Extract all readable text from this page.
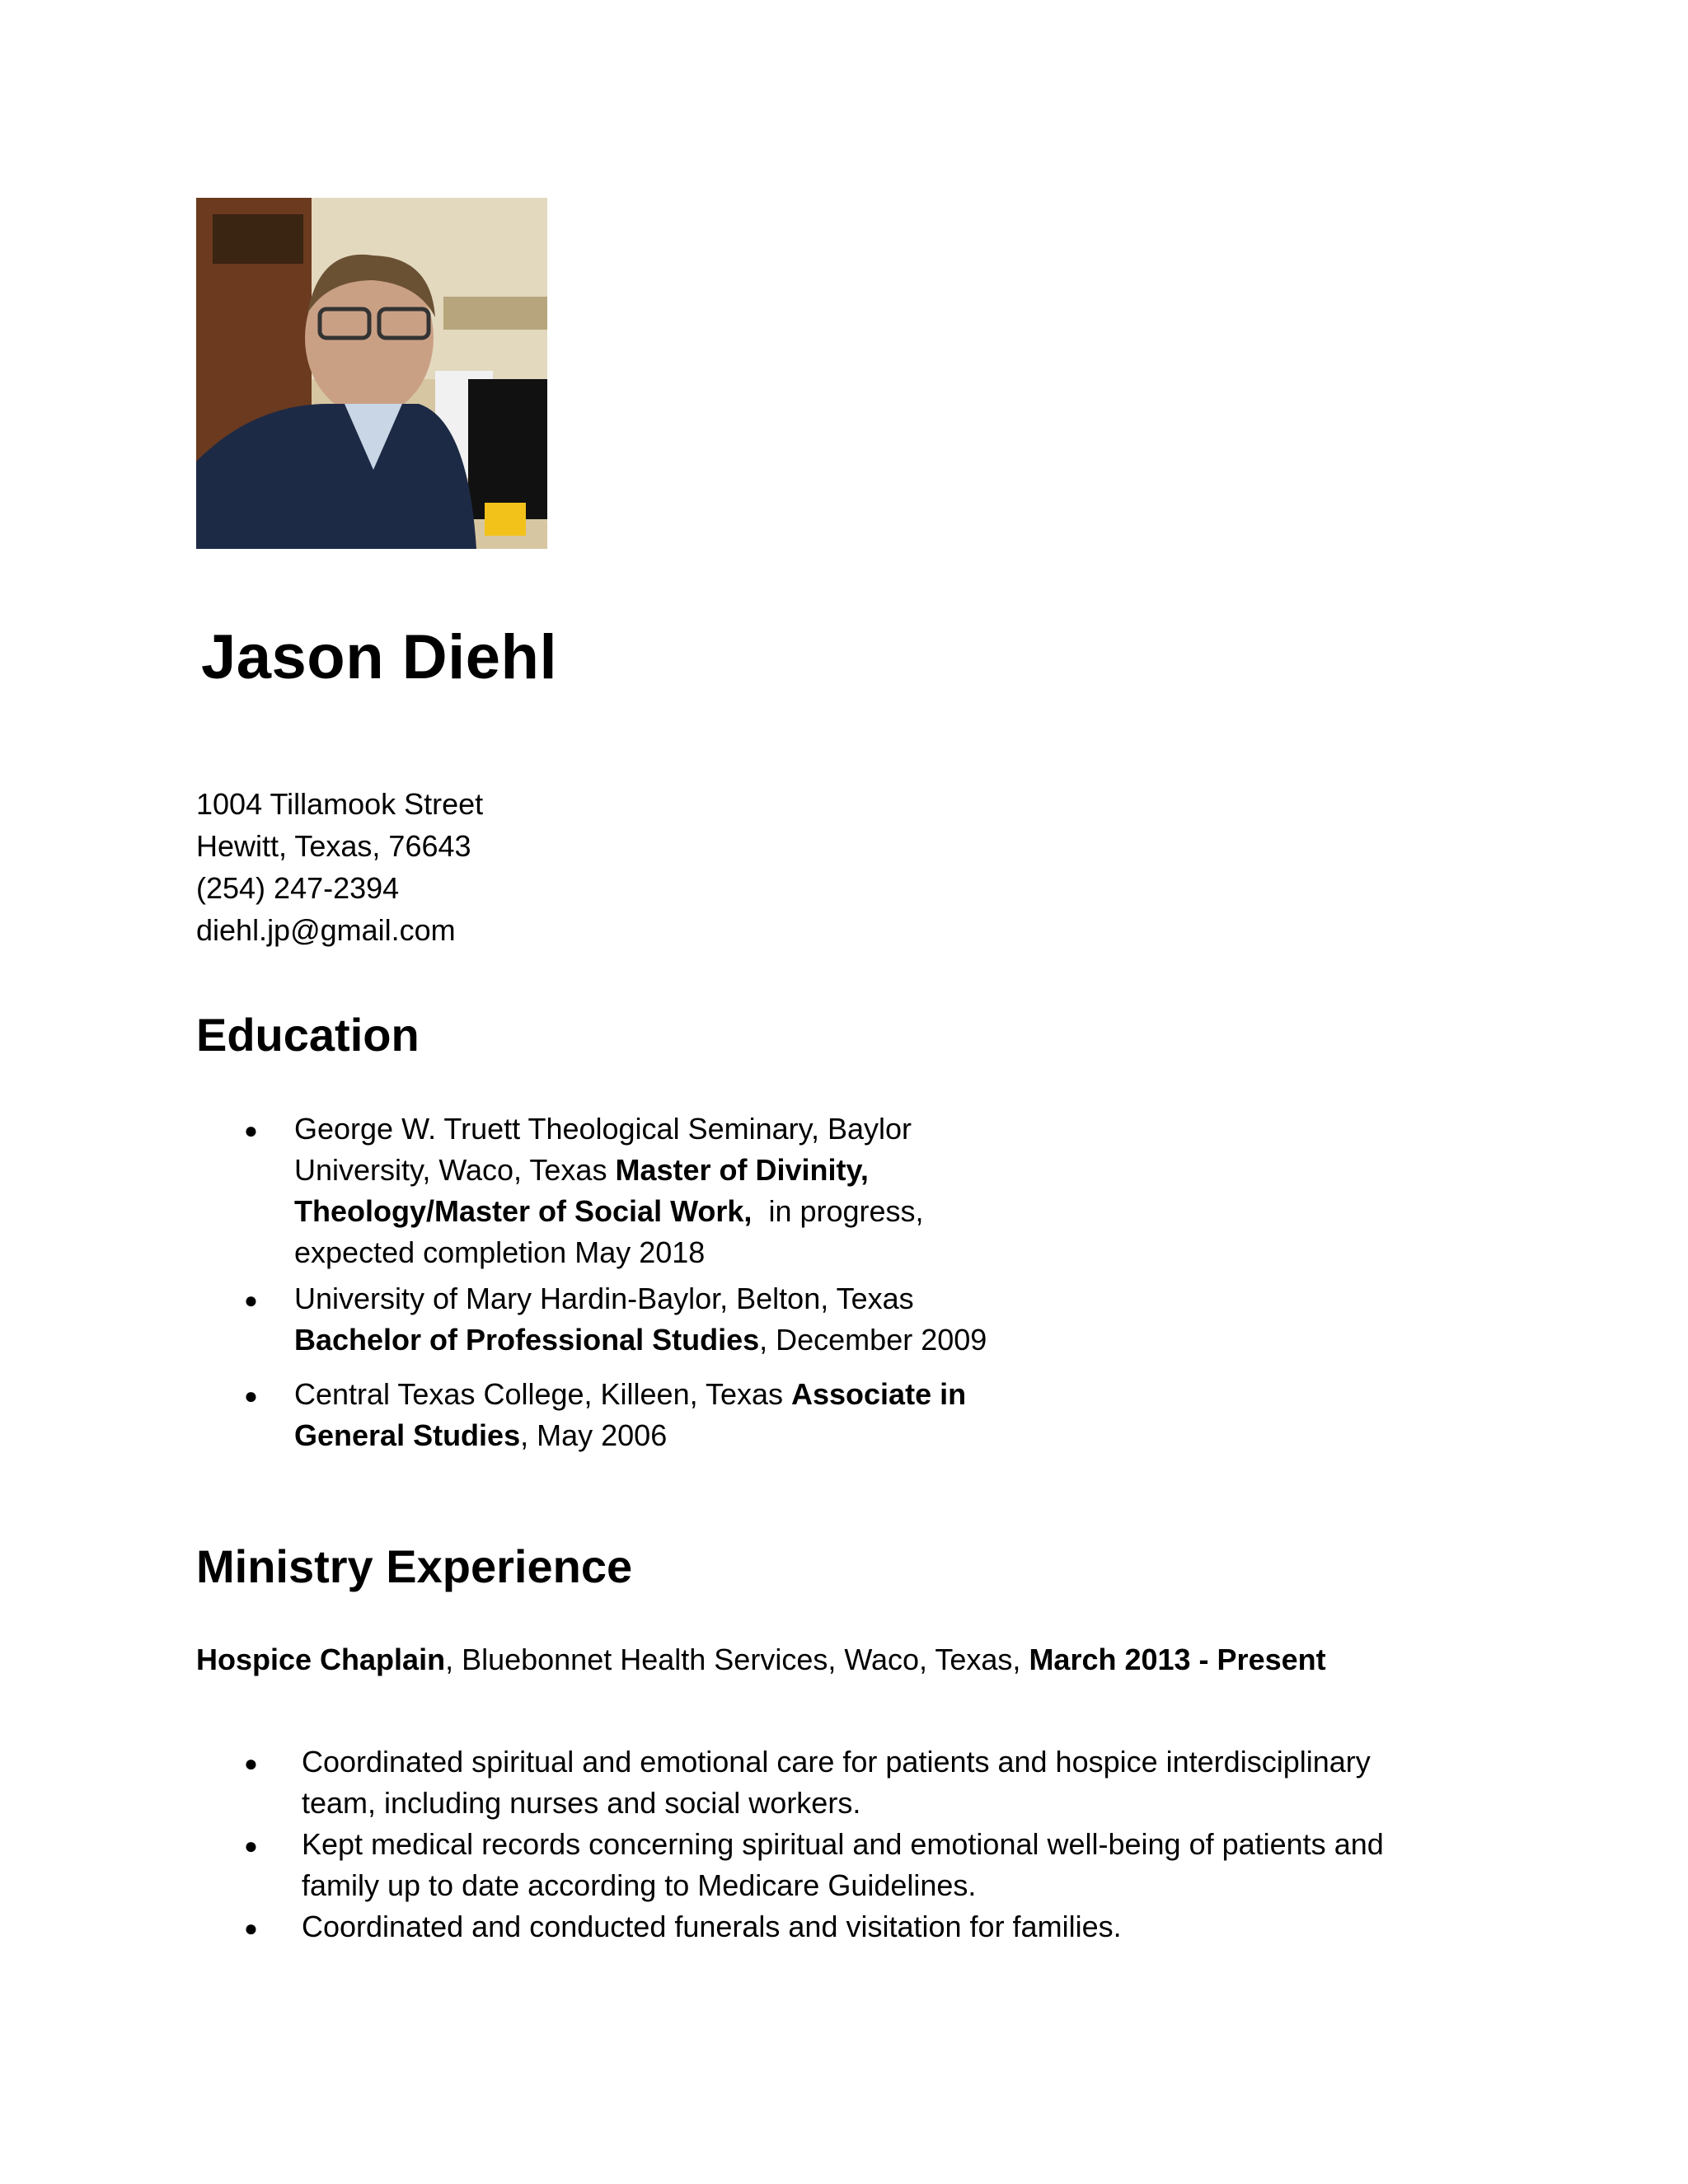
Jason Diehl
1004 Tillamook Street
Hewitt, Texas, 76643
(254) 247-2394
diehl.jp@gmail.com
Education
● George W. Truett Theological Seminary, Baylor
University, Waco, Texas Master of Divinity,
Theology/Master of Social Work,  in progress,
expected completion May 2018
● University of Mary Hardin-Baylor, Belton, Texas
Bachelor of Professional Studies, December 2009
● Central Texas College, Killeen, Texas Associate in
General Studies, May 2006
Ministry Experience
Hospice Chaplain, Bluebonnet Health Services, Waco, Texas, March 2013 - Present
● Coordinated spiritual and emotional care for patients and hospice interdisciplinary
team, including nurses and social workers.
● Kept medical records concerning spiritual and emotional well-being of patients and
family up to date according to Medicare Guidelines.
● Coordinated and conducted funerals and visitation for families.
